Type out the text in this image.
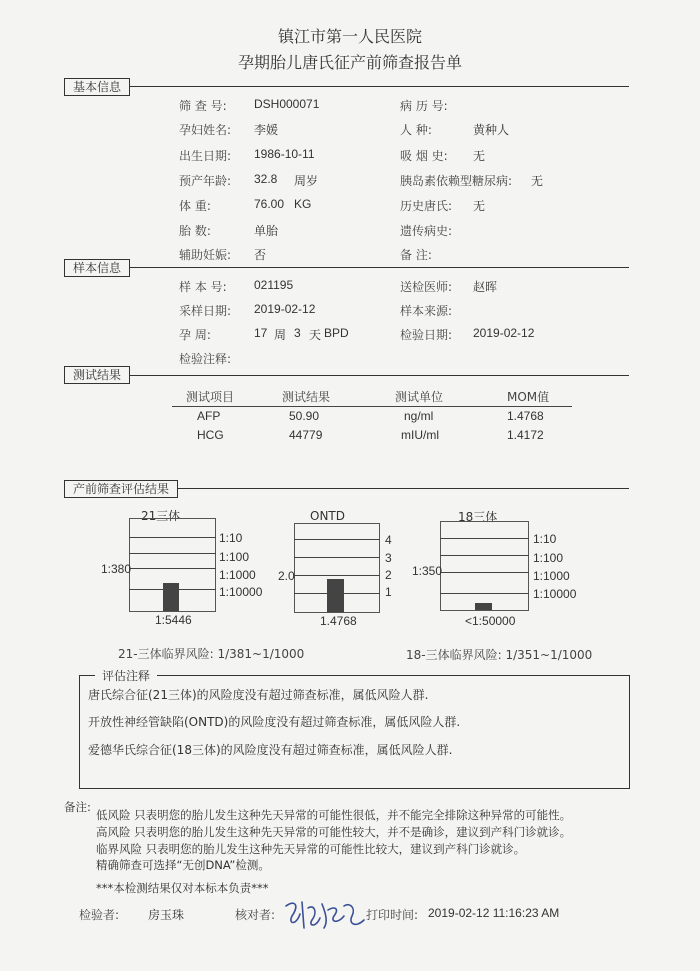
镇江市第一人民医院
孕期胎儿唐氏征产前筛查报告单
基本信息
筛 查 号: DSH000071	病 历 号:
孕妇姓名: 李媛	人 种:	黄种人
出生日期: 1986-10-11	吸 烟 史: 无
预产年龄: 32.8 周岁	胰岛素依赖型糖尿病: 无
体 重:	76.00 KG	历史唐氏: 无
胎 数:	单胎	遗传病史:
辅助妊娠: 否	备 注:
样本信息
样 本 号: 021195	送检医师: 赵晖
采样日期: 2019-02-12	样本来源:
孕 周:	17 周 3 天 BPD	检验日期: 2019-02-12
检验注释:
测试结果
测试项目	测试结果	测试单位	MOM值
AFP	50.90	ng/ml	1.4768
HCG	44779	mIU/ml	1.4172
产前筛查评估结果
21三体
1:10
1:100
1:1000
1:10000
1:380
1:5446
ONTD
4
3
2
1
2.0
1.4768
18三体
1:10
1:100
1:1000
1:10000
1:350
<1:50000
21-三体临界风险: 1/381~1/1000	18-三体临界风险: 1/351~1/1000
评估注释
唐氏综合征(21三体)的风险度没有超过筛查标准，属低风险人群.
开放性神经管缺陷(ONTD)的风险度没有超过筛查标准，属低风险人群.
爱德华氏综合征(18三体)的风险度没有超过筛查标准，属低风险人群.
备注:
低风险 只表明您的胎儿发生这种先天异常的可能性很低，并不能完全排除这种异常的可能性。
高风险 只表明您的胎儿发生这种先天异常的可能性较大，并不是确诊，建议到产科门诊就诊。
临界风险 只表明您的胎儿发生这种先天异常的可能性比较大，建议到产科门诊就诊。
精确筛查可选择“无创DNA”检测。
***本检测结果仅对本标本负责***
检验者: 房玉珠	核对者:	打印时间: 2019-02-12 11:16:23 AM
